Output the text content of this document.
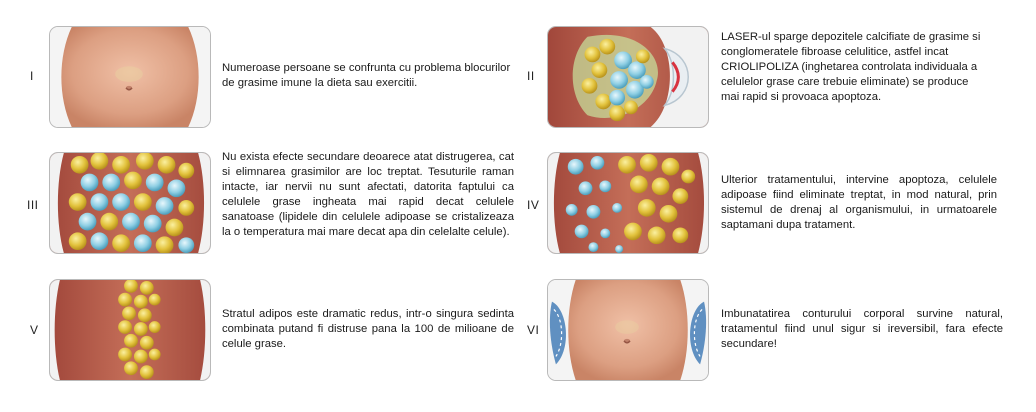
I
Numeroase persoane se confrunta cu problema blocurilor de grasime imune la dieta sau exercitii.	II
LASER-ul sparge depozitele calcifiate de grasime si conglomeratele fibroase celulitice, astfel incat CRIOLIPOLIZA (inghetarea controlata individuala a celulelor grase care trebuie eliminate) se produce mai rapid si provoaca apoptoza.
III
Nu exista efecte secundare deoarece atat distrugerea, cat si elimnarea grasimilor are loc treptat. Tesuturile raman intacte, iar nervii nu sunt afectati, datorita faptului ca celulele grase ingheata mai rapid decat celulele sanatoase (lipidele din celulele adipoase se cristalizeaza la o temperatura mai mare decat apa din celelalte celule).
IV
Ulterior tratamentului, intervine apoptoza, celulele adipoase fiind eliminate treptat, in mod natural, prin sistemul de drenaj al organismului, in urmatoarele saptamani dupa tratament.
V
Stratul adipos este dramatic redus, intr-o singura sedinta combinata putand fi distruse pana la 100 de milioane de celule grase.
VI
Imbunatatirea conturului corporal survine natural, tratamentul fiind unul sigur si ireversibil, fara efecte secundare!
